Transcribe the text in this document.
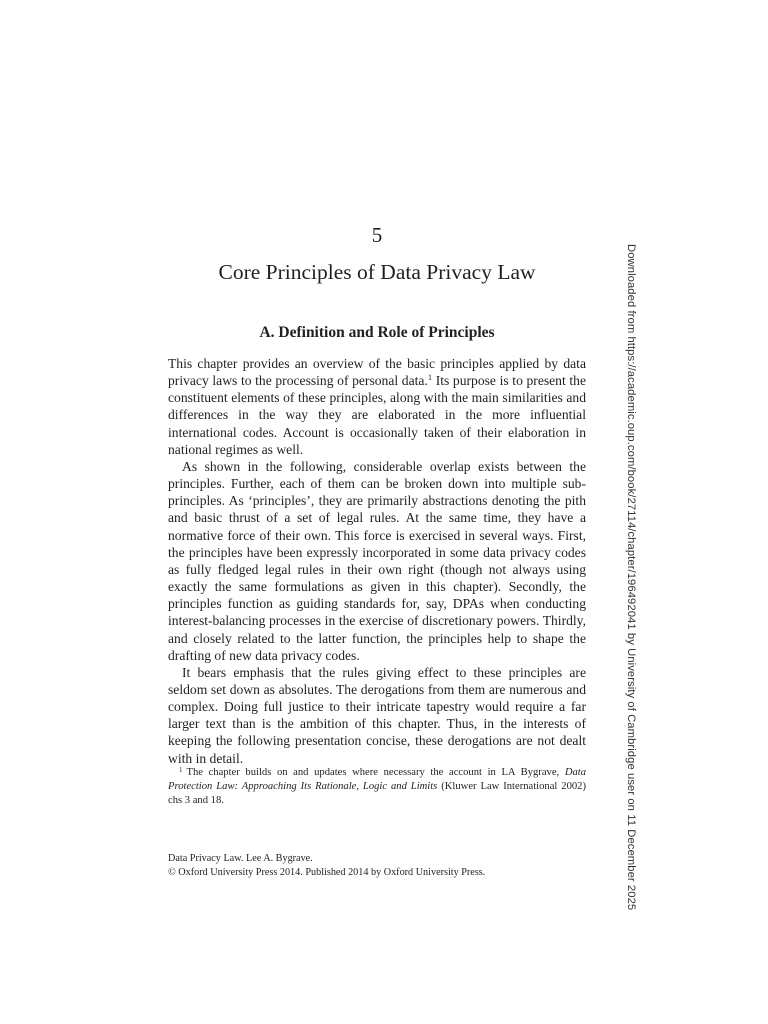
5
Core Principles of Data Privacy Law
A. Definition and Role of Principles

This chapter provides an overview of the basic principles applied by data privacy laws to the processing of personal data.$^1$ Its purpose is to present the constituent elements of these principles, along with the main similarities and differences in the way they are elaborated in the more influential international codes. Account is occasionally taken of their elaboration in national regimes as well.

As shown in the following, considerable overlap exists between the principles. Further, each of them can be broken down into multiple sub-principles. As ‘principles’, they are primarily abstractions denoting the pith and basic thrust of a set of legal rules. At the same time, they have a normative force of their own. This force is exercised in several ways. First, the principles have been expressly incorporated in some data privacy codes as fully fledged legal rules in their own right (though not always using exactly the same formulations as given in this chapter). Secondly, the principles function as guiding standards for, say, DPAs when conducting interest-balancing processes in the exercise of discretionary powers. Thirdly, and closely related to the latter function, the principles help to shape the drafting of new data privacy codes.

It bears emphasis that the rules giving effect to these principles are seldom set down as absolutes. The derogations from them are numerous and complex. Doing full justice to their intricate tapestry would require a far larger text than is the ambition of this chapter. Thus, in the interests of keeping the following presentation concise, these derogations are not dealt with in detail.

$^1$ The chapter builds on and updates where necessary the account in LA Bygrave, Data Protection Law: Approaching Its Rationale, Logic and Limits (Kluwer Law International 2002) chs 3 and 18.
Data Privacy Law. Lee A. Bygrave.
© Oxford University Press 2014. Published 2014 by Oxford University Press.	Downloaded from https://academic.oup.com/book/27114/chapter/196492041 by University of Cambridge user on 11 December 2025
